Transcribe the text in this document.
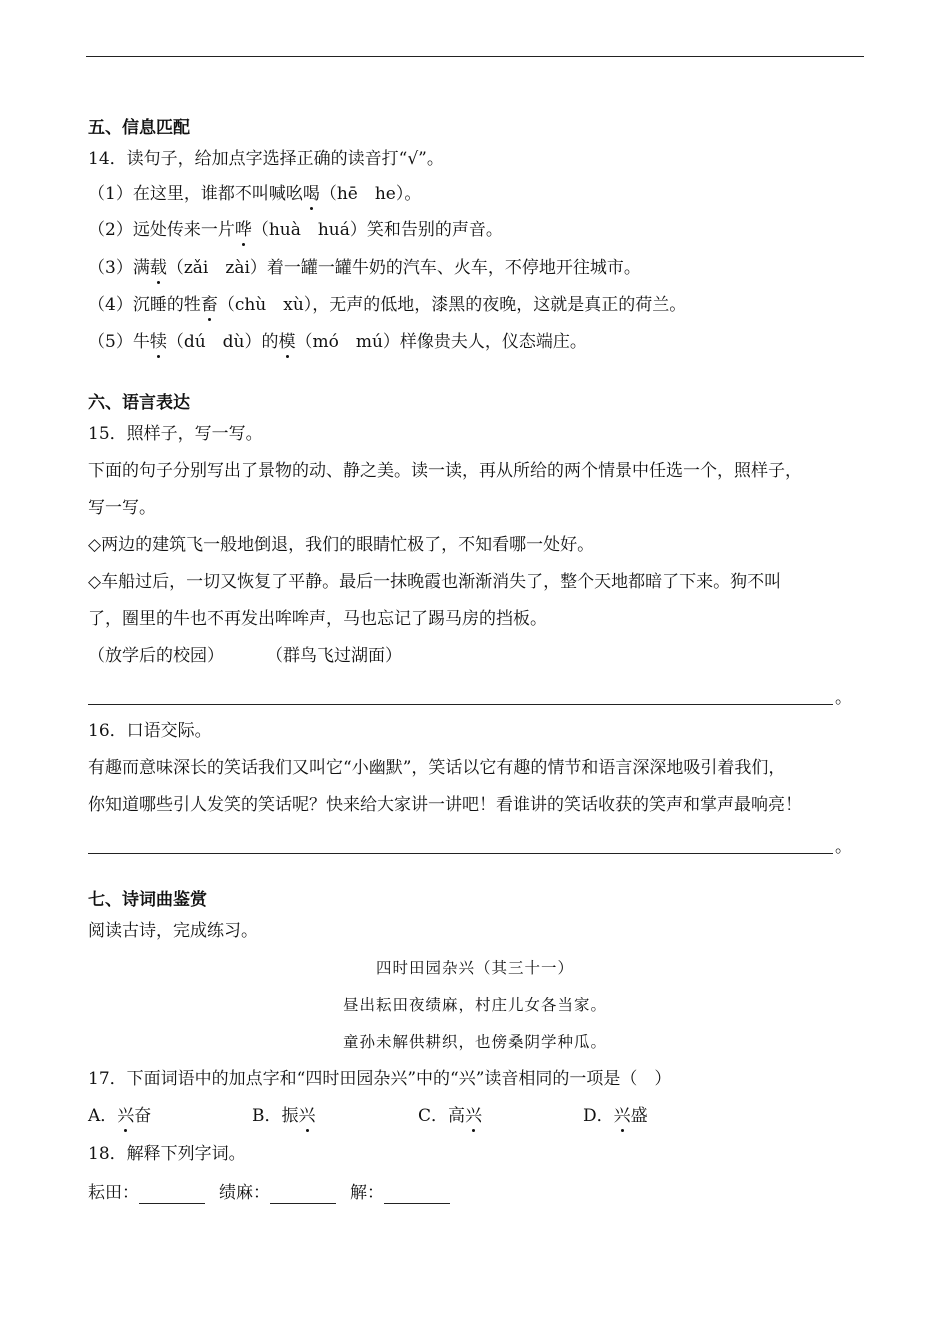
五、信息匹配
14．读句子，给加点字选择正确的读音打“√”。
（1）在这里，谁都不叫喊吆喝（hē　he）。
（2）远处传来一片哗（huà　huá）笑和告别的声音。
（3）满载（zǎi　zài）着一罐一罐牛奶的汽车、火车，不停地开往城市。
（4）沉睡的牲畜（chù　xù），无声的低地，漆黑的夜晚，这就是真正的荷兰。
（5）牛犊（dú　dù）的模（mó　mú）样像贵夫人，仪态端庄。
六、语言表达
15．照样子，写一写。
下面的句子分别写出了景物的动、静之美。读一读，再从所给的两个情景中任选一个，照样子，
写一写。
◇两边的建筑飞一般地倒退，我们的眼睛忙极了，不知看哪一处好。
◇车船过后，一切又恢复了平静。最后一抹晚霞也渐渐消失了，整个天地都暗了下来。狗不叫
了，圈里的牛也不再发出哞哞声，马也忘记了踢马房的挡板。
（放学后的校园） （群鸟飞过湖面）
。
16．口语交际。
有趣而意味深长的笑话我们又叫它“小幽默”，笑话以它有趣的情节和语言深深地吸引着我们，
你知道哪些引人发笑的笑话呢？快来给大家讲一讲吧！看谁讲的笑话收获的笑声和掌声最响亮！
。
七、诗词曲鉴赏
阅读古诗，完成练习。
四时田园杂兴（其三十一）
昼出耘田夜绩麻，村庄儿女各当家。
童孙未解供耕织，也傍桑阴学种瓜。
17．下面词语中的加点字和“四时田园杂兴”中的“兴”读音相同的一项是（　）
A．兴奋	B．振兴	C．高兴	D．兴盛
18．解释下列字词。
耘田：	绩麻：	解：
